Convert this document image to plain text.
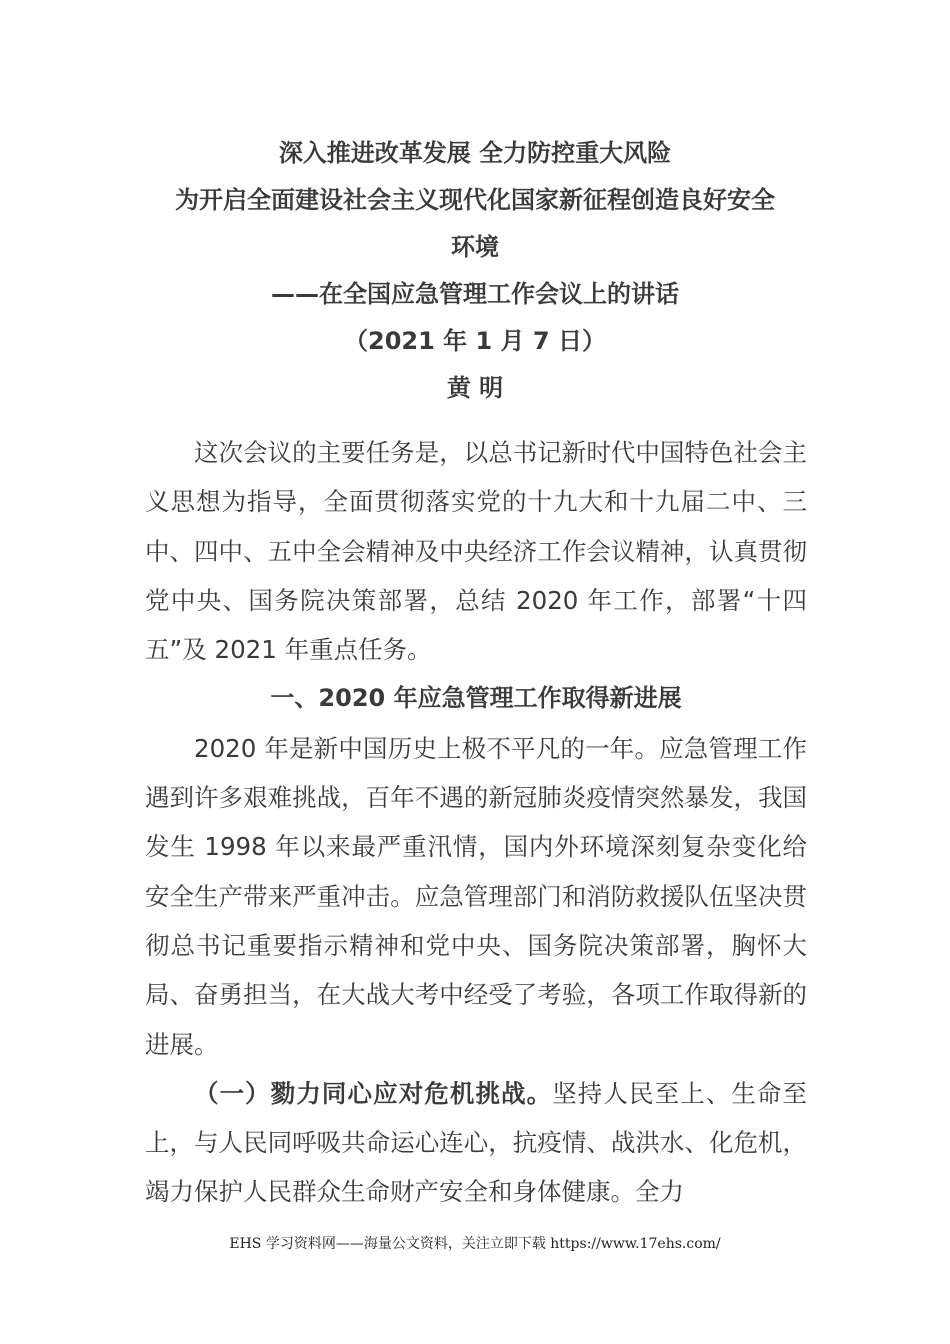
深入推进改革发展 全力防控重大风险
为开启全面建设社会主义现代化国家新征程创造良好安全
环境
——在全国应急管理工作会议上的讲话
（2021 年 1 月 7 日）
黄 明

这次会议的主要任务是，以总书记新时代中国特色社会主义思想为指导，全面贯彻落实党的十九大和十九届二中、三中、四中、五中全会精神及中央经济工作会议精神，认真贯彻党中央、国务院决策部署，总结 2020 年工作，部署“十四五”及 2021 年重点任务。

一、2020 年应急管理工作取得新进展

2020 年是新中国历史上极不平凡的一年。应急管理工作遇到许多艰难挑战，百年不遇的新冠肺炎疫情突然暴发，我国发生 1998 年以来最严重汛情，国内外环境深刻复杂变化给安全生产带来严重冲击。应急管理部门和消防救援队伍坚决贯彻总书记重要指示精神和党中央、国务院决策部署，胸怀大局、奋勇担当，在大战大考中经受了考验，各项工作取得新的进展。

（一）勠力同心应对危机挑战。坚持人民至上、生命至上，与人民同呼吸共命运心连心，抗疫情、战洪水、化危机，竭力保护人民群众生命财产安全和身体健康。全力

EHS 学习资料网——海量公文资料，关注立即下载 https://www.17ehs.com/
